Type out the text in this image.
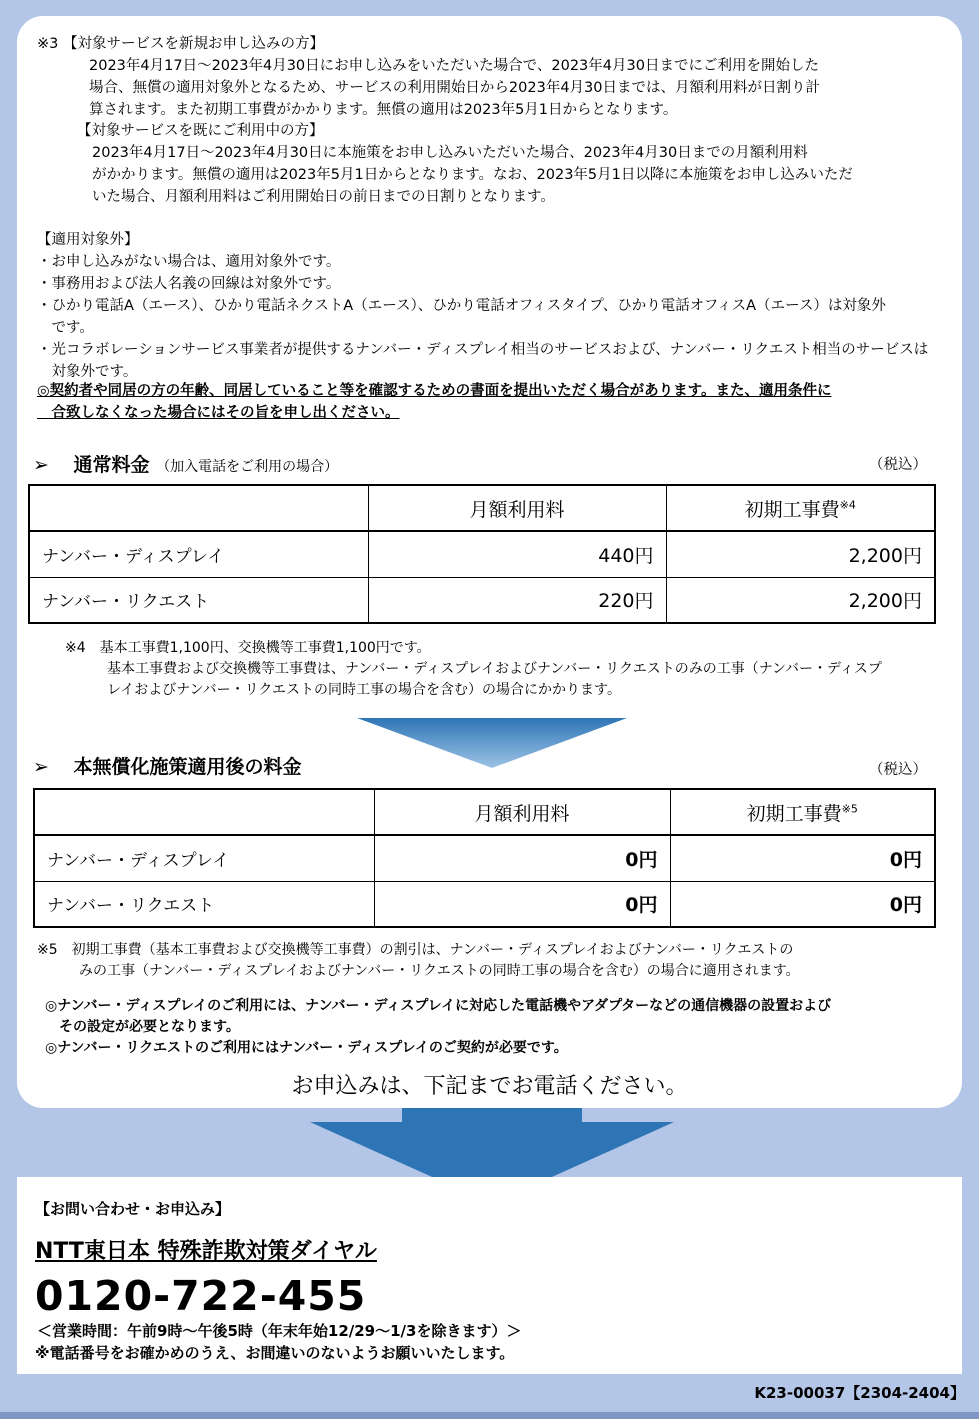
※3 【対象サービスを新規お申し込みの方】
2023年4月17日～2023年4月30日にお申し込みをいただいた場合で、2023年4月30日までにご利用を開始した
場合、無償の適用対象外となるため、サービスの利用開始日から2023年4月30日までは、月額利用料が日割り計
算されます。また初期工事費がかかります。無償の適用は2023年5月1日からとなります。
【対象サービスを既にご利用中の方】
2023年4月17日～2023年4月30日に本施策をお申し込みいただいた場合、2023年4月30日までの月額利用料
がかかります。無償の適用は2023年5月1日からとなります。なお、2023年5月1日以降に本施策をお申し込みいただ
いた場合、月額利用料はご利用開始日の前日までの日割りとなります。
【適用対象外】
・お申し込みがない場合は、適用対象外です。
・事務用および法人名義の回線は対象外です。
・ひかり電話A（エース）、ひかり電話ネクストA（エース）、ひかり電話オフィスタイプ、ひかり電話オフィスA（エース）は対象外
　です。
・光コラボレーションサービス事業者が提供するナンバー・ディスプレイ相当のサービスおよび、ナンバー・リクエスト相当のサービスは
　対象外です。
◎契約者や同居の方の年齢、同居していること等を確認するための書面を提出いただく場合があります。また、適用条件に
　合致しなくなった場合にはその旨を申し出ください。
➢ 通常料金 （加入電話をご利用の場合）	（税込）
	月額利用料	初期工事費$^{※4}$
ナンバー・ディスプレイ	440円	2,200円
ナンバー・リクエスト	220円	2,200円
※4　基本工事費1,100円、交換機等工事費1,100円です。
　　　基本工事費および交換機等工事費は、ナンバー・ディスプレイおよびナンバー・リクエストのみの工事（ナンバー・ディスプ
　　　レイおよびナンバー・リクエストの同時工事の場合を含む）の場合にかかります。
➢ 本無償化施策適用後の料金	（税込）
	月額利用料	初期工事費$^{※5}$
ナンバー・ディスプレイ	0円	0円
ナンバー・リクエスト	0円	0円
※5　初期工事費（基本工事費および交換機等工事費）の割引は、ナンバー・ディスプレイおよびナンバー・リクエストの
　　　みの工事（ナンバー・ディスプレイおよびナンバー・リクエストの同時工事の場合を含む）の場合に適用されます。
◎ナンバー・ディスプレイのご利用には、ナンバー・ディスプレイに対応した電話機やアダプターなどの通信機器の設置および
　その設定が必要となります。
◎ナンバー・リクエストのご利用にはナンバー・ディスプレイのご契約が必要です。
お申込みは、下記までお電話ください。
【お問い合わせ・お申込み】
NTT東日本 特殊詐欺対策ダイヤル
0120-722-455
＜営業時間：午前9時～午後5時（年末年始12/29～1/3を除きます）＞
※電話番号をお確かめのうえ、お間違いのないようお願いいたします。
K23-00037【2304-2404】
